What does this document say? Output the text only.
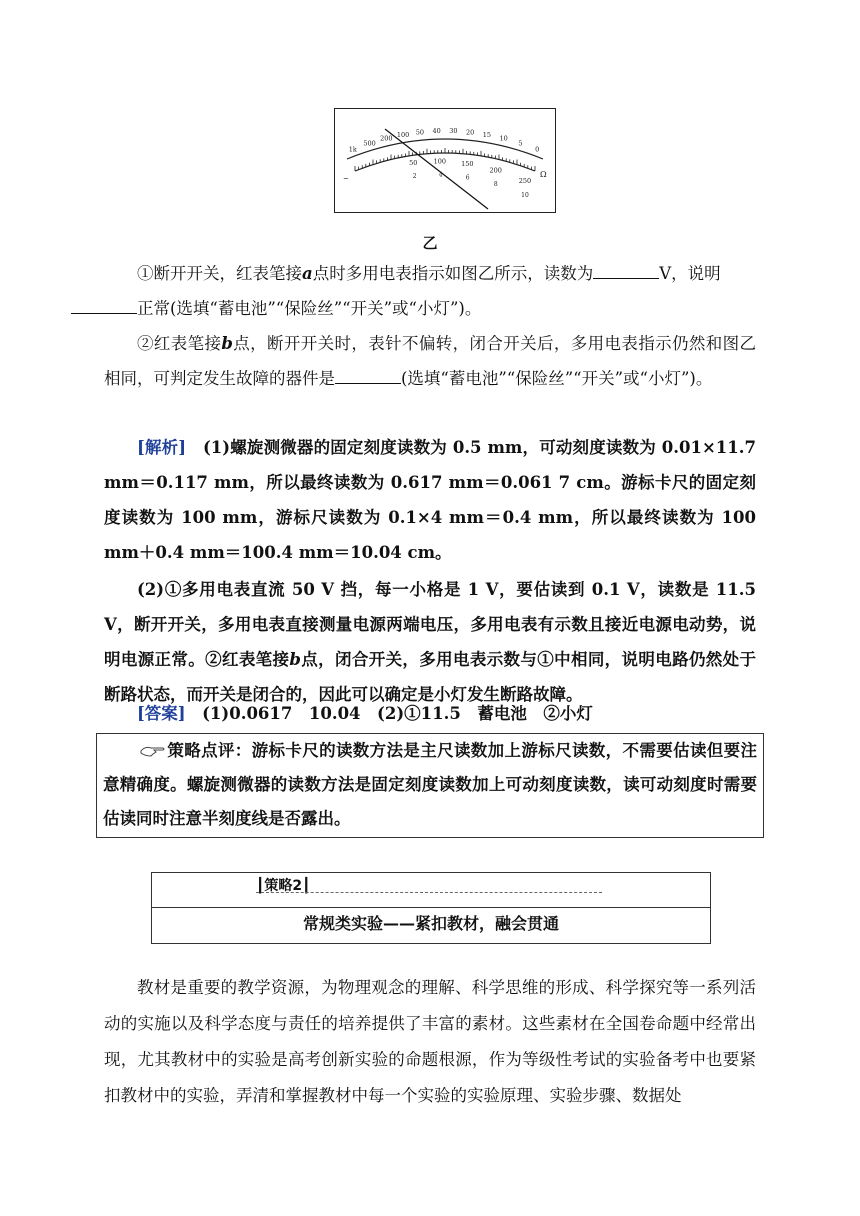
1k
500
200 100 50 40 30 20 15 10
5
0
50 100 150
200
250
2	4	6
8
10
~	Ω
乙
①断开开关，红表笔接a点时多用电表指示如图乙所示，读数为	V，说明
正常(选填“蓄电池”“保险丝”“开关”或“小灯”)。
②红表笔接b点，断开开关时，表针不偏转，闭合开关后，多用电表指示仍然和图乙相同，可判定发生故障的器件是	(选填“蓄电池”“保险丝”“开关”或“小灯”)。
[解析]　 (1)螺旋测微器的固定刻度读数为 0.5 mm，可动刻度读数为 0.01×11.7 mm＝0.117 mm，所以最终读数为 0.617 mm＝0.061 7 cm。游标卡尺的固定刻度读数为 100 mm，游标尺读数为 0.1×4 mm＝0.4 mm，所以最终读数为 100 mm＋0.4 mm＝100.4 mm＝10.04 cm。
(2)①多用电表直流 50 V 挡，每一小格是 1 V，要估读到 0.1 V，读数是 11.5 V，断开开关，多用电表直接测量电源两端电压，多用电表有示数且接近电源电动势，说明电源正常。②红表笔接b点，闭合开关，多用电表示数与①中相同，说明电路仍然处于断路状态，而开关是闭合的，因此可以确定是小灯发生断路故障。
[答案]　 (1)0.0617　10.04　(2)①11.5　蓄电池　②小灯
策略点评：游标卡尺的读数方法是主尺读数加上游标尺读数，不需要估读但要注意精确度。螺旋测微器的读数方法是固定刻度读数加上可动刻度读数，读可动刻度时需要估读同时注意半刻度线是否露出。
┃策略2┃
常规类实验——紧扣教材，融会贯通
教材是重要的教学资源，为物理观念的理解、科学思维的形成、科学探究等一系列活动的实施以及科学态度与责任的培养提供了丰富的素材。这些素材在全国卷命题中经常出现，尤其教材中的实验是高考创新实验的命题根源，作为等级性考试的实验备考中也要紧扣教材中的实验，弄清和掌握教材中每一个实验的实验原理、实验步骤、数据处
